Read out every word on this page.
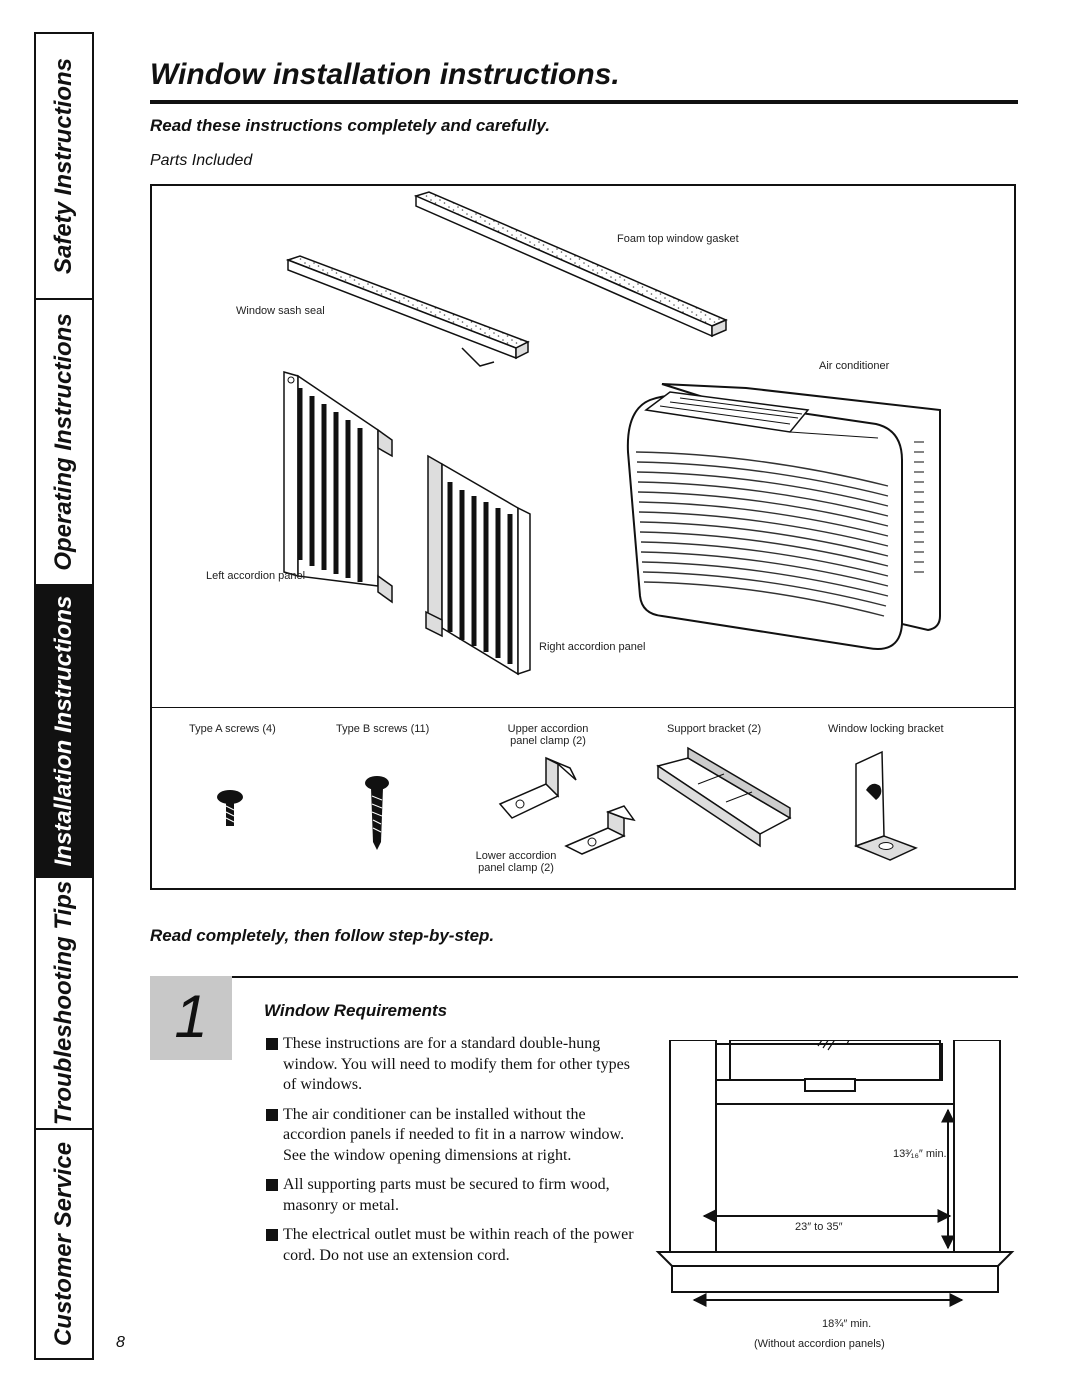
Safety Instructions
Operating Instructions
Installation Instructions
Troubleshooting Tips
Customer Service
Window installation instructions.
Read these instructions completely and carefully.
Parts Included
Foam top window gasket
Window sash seal
Air conditioner
Left accordion panel
Right accordion panel
Type A screws (4)	Type B screws (11)	Upper accordion
panel clamp (2)
Support bracket (2)	Window locking bracket
Lower accordion
panel clamp (2)
Read completely, then follow step-by-step.
1	Window Requirements
These instructions are for a standard double-hung window. You will need to modify them for other types of windows.
The air conditioner can be installed without the accordion panels if needed to fit in a narrow window. See the window opening dimensions at right.
All supporting parts must be secured to firm wood, masonry or metal.
The electrical outlet must be within reach of the power cord. Do not use an extension cord.
13³⁄₁₆″ min.
23″ to 35″
18¾″ min.
(Without accordion panels)
8
